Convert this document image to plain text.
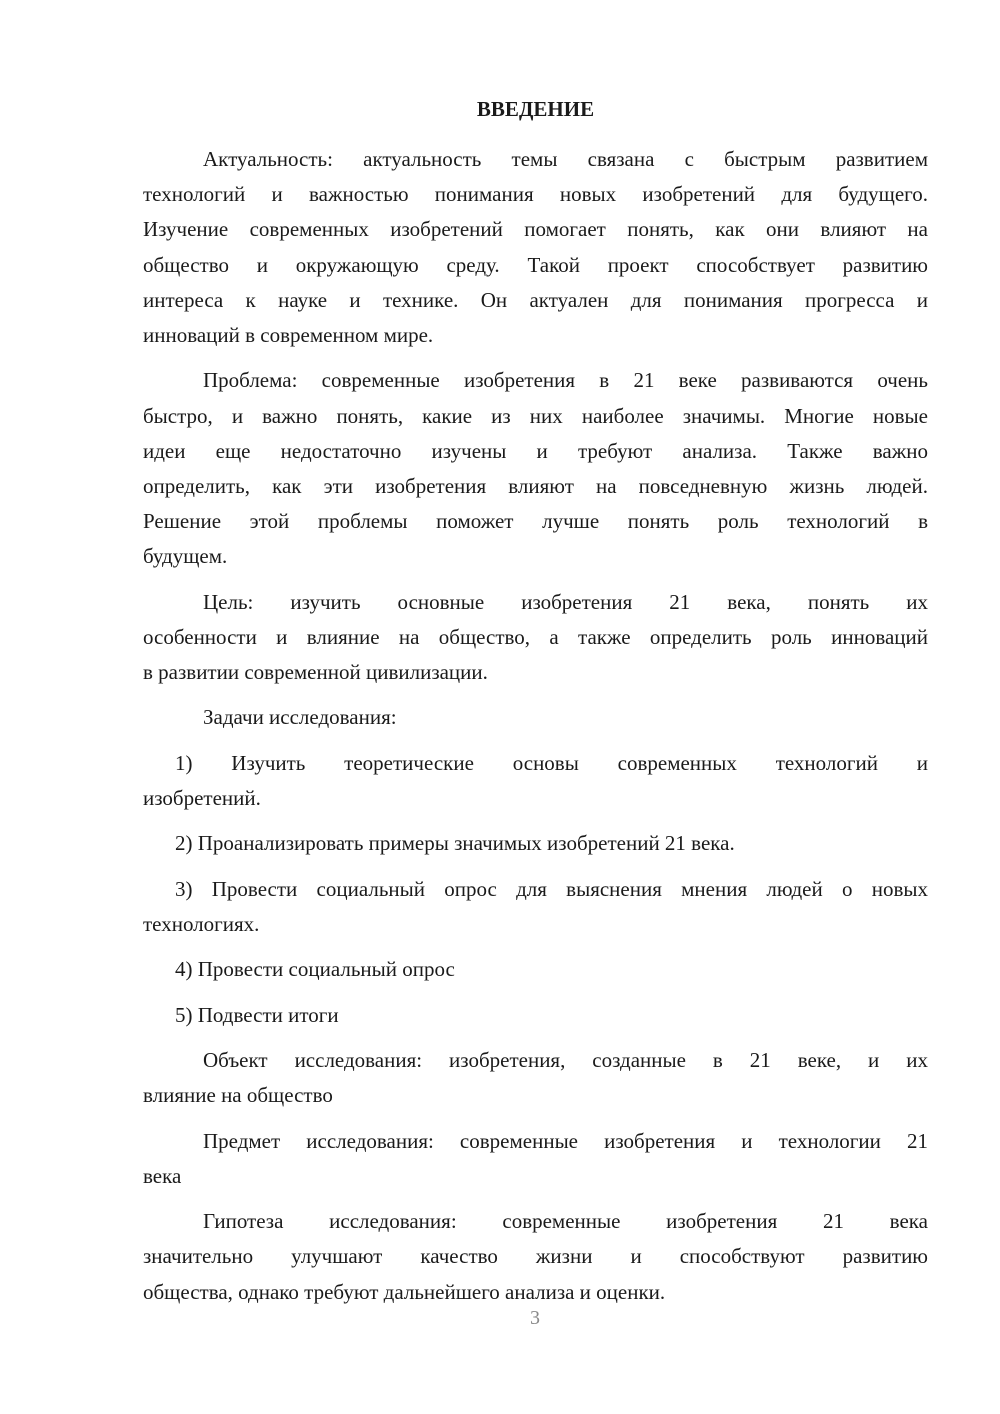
ВВЕДЕНИЕ
Актуальность: актуальность темы связана с быстрым развитием
технологий и важностью понимания новых изобретений для будущего.
Изучение современных изобретений помогает понять, как они влияют на
общество и окружающую среду. Такой проект способствует развитию
интереса к науке и технике. Он актуален для понимания прогресса и
инноваций в современном мире.
Проблема: современные изобретения в 21 веке развиваются очень
быстро, и важно понять, какие из них наиболее значимы. Многие новые
идеи еще недостаточно изучены и требуют анализа. Также важно
определить, как эти изобретения влияют на повседневную жизнь людей.
Решение этой проблемы поможет лучше понять роль технологий в
будущем.
Цель: изучить основные изобретения 21 века, понять их
особенности и влияние на общество, а также определить роль инноваций
в развитии современной цивилизации.
Задачи исследования:
1) Изучить теоретические основы современных технологий и
изобретений.
2) Проанализировать примеры значимых изобретений 21 века.
3) Провести социальный опрос для выяснения мнения людей о новых
технологиях.
4) Провести социальный опрос
5) Подвести итоги
Объект исследования: изобретения, созданные в 21 веке, и их
влияние на общество
Предмет исследования: современные изобретения и технологии 21
века
Гипотеза исследования: современные изобретения 21 века
значительно улучшают качество жизни и способствуют развитию
общества, однако требуют дальнейшего анализа и оценки.
3
